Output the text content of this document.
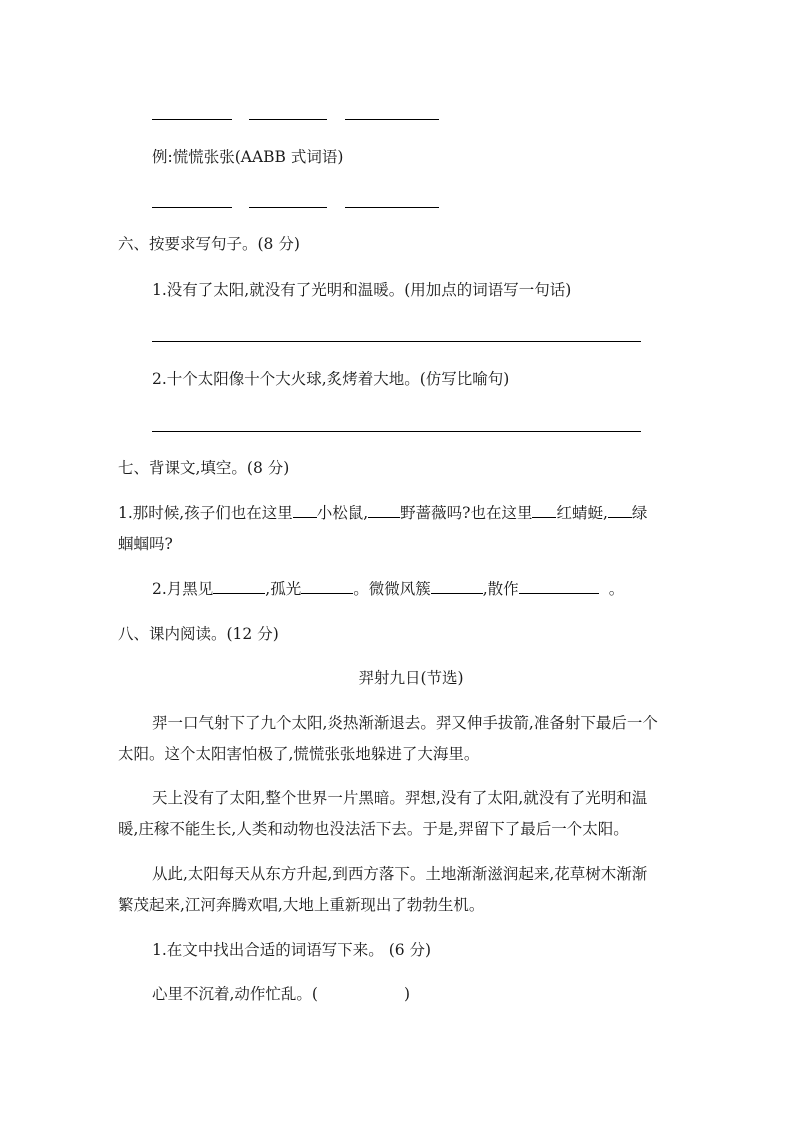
例:慌慌张张(AABB 式词语)
六、按要求写句子。(8 分)
1.没有了太阳,就没有了光明和温暖。(用加点的词语写一句话)
2.十个太阳像十个大火球,炙烤着大地。(仿写比喻句)
七、背课文,填空。(8 分)
1.那时候,孩子们也在这里 小松鼠, 野蔷薇吗?也在这里 红蜻蜓, 绿
蝈蝈吗?
2.月黑见	,孤光	。微微风簇	,散作	。
八、课内阅读。(12 分)
羿射九日(节选)
羿一口气射下了九个太阳,炎热渐渐退去。羿又伸手拔箭,准备射下最后一个
太阳。这个太阳害怕极了,慌慌张张地躲进了大海里。
天上没有了太阳,整个世界一片黑暗。羿想,没有了太阳,就没有了光明和温
暖,庄稼不能生长,人类和动物也没法活下去。于是,羿留下了最后一个太阳。
从此,太阳每天从东方升起,到西方落下。土地渐渐滋润起来,花草树木渐渐
繁茂起来,江河奔腾欢唱,大地上重新现出了勃勃生机。
1.在文中找出合适的词语写下来。 (6 分)
心里不沉着,动作忙乱。(	)
